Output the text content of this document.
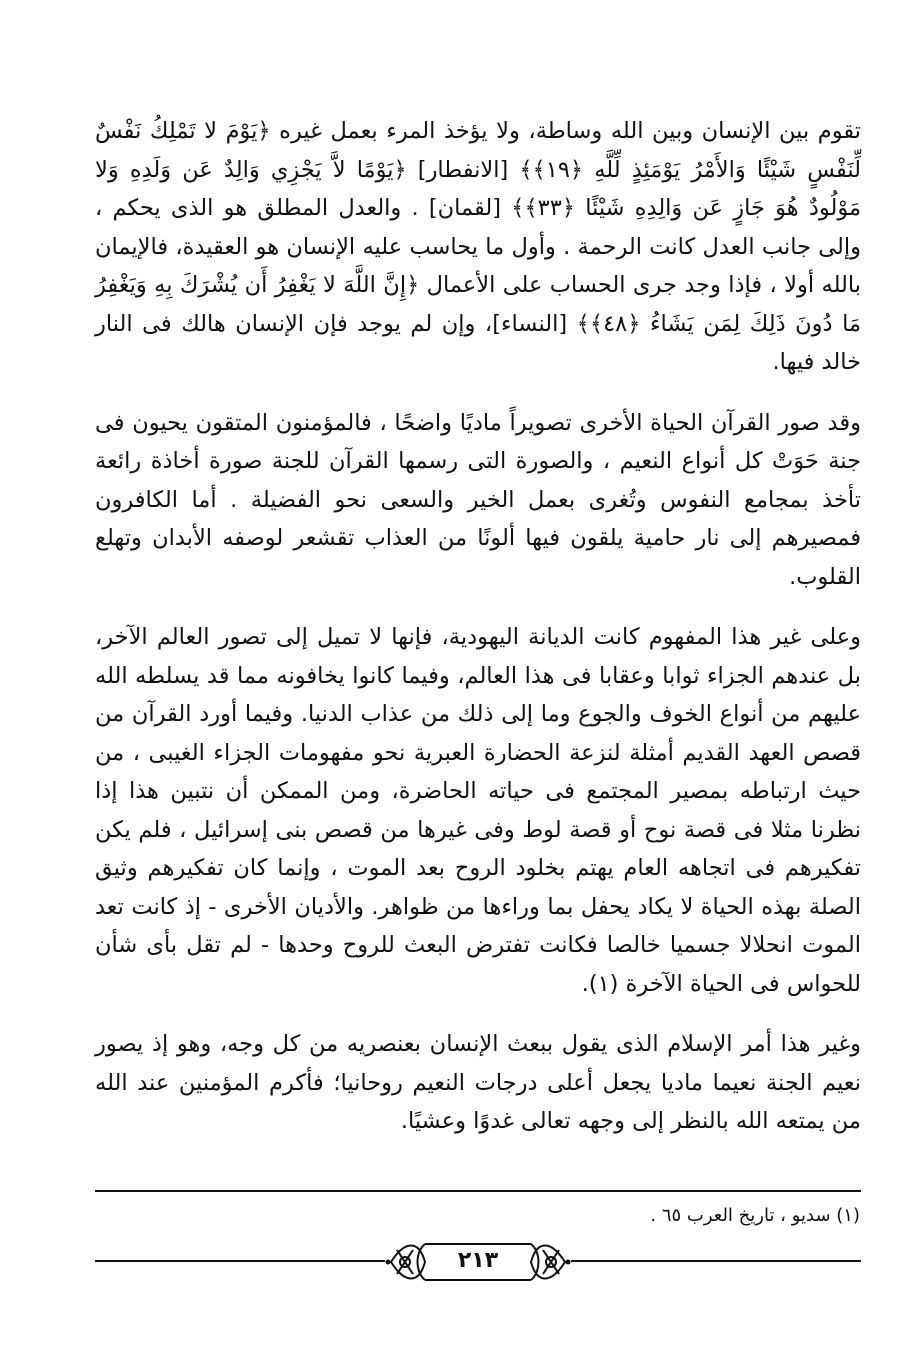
تقوم بين الإنسان وبين الله وساطة، ولا يؤخذ المرء بعمل غيره ﴿يَوْمَ لا تَمْلِكُ نَفْسٌ لِّنَفْسٍ شَيْئًا وَالأَمْرُ يَوْمَئِذٍ لِّلَّهِ ﴿١٩﴾﴾ [الانفطار] ﴿يَوْمًا لاَّ يَجْزِي وَالِدٌ عَن وَلَدِهِ وَلا مَوْلُودٌ هُوَ جَازٍ عَن وَالِدِهِ شَيْئًا ﴿٣٣﴾﴾ [لقمان] . والعدل المطلق هو الذى يحكم ، وإلى جانب العدل كانت الرحمة . وأول ما يحاسب عليه الإنسان هو العقيدة، فالإيمان بالله أولا ، فإذا وجد جرى الحساب على الأعمال ﴿إِنَّ اللَّهَ لا يَغْفِرُ أَن يُشْرَكَ بِهِ وَيَغْفِرُ مَا دُونَ ذَلِكَ لِمَن يَشَاءُ ﴿٤٨﴾﴾ [النساء]، وإن لم يوجد فإن الإنسان هالك فى النار خالد فيها.

وقد صور القرآن الحياة الأخرى تصويراً ماديًا واضحًا ، فالمؤمنون المتقون يحيون فى جنة حَوَتْ كل أنواع النعيم ، والصورة التى رسمها القرآن للجنة صورة أخاذة رائعة تأخذ بمجامع النفوس وتُغرى بعمل الخير والسعى نحو الفضيلة . أما الكافرون فمصيرهم إلى نار حامية يلقون فيها ألونًا من العذاب تقشعر لوصفه الأبدان وتهلع القلوب.

وعلى غير هذا المفهوم كانت الديانة اليهودية، فإنها لا تميل إلى تصور العالم الآخر، بل عندهم الجزاء ثوابا وعقابا فى هذا العالم، وفيما كانوا يخافونه مما قد يسلطه الله عليهم من أنواع الخوف والجوع وما إلى ذلك من عذاب الدنيا. وفيما أورد القرآن من قصص العهد القديم أمثلة لنزعة الحضارة العبرية نحو مفهومات الجزاء الغيبى ، من حيث ارتباطه بمصير المجتمع فى حياته الحاضرة، ومن الممكن أن نتبين هذا إذا نظرنا مثلا فى قصة نوح أو قصة لوط وفى غيرها من قصص بنى إسرائيل ، فلم يكن تفكيرهم فى اتجاهه العام يهتم بخلود الروح بعد الموت ، وإنما كان تفكيرهم وثيق الصلة بهذه الحياة لا يكاد يحفل بما وراءها من ظواهر. والأديان الأخرى - إذ كانت تعد الموت انحلالا جسميا خالصا فكانت تفترض البعث للروح وحدها - لم تقل بأى شأن للحواس فى الحياة الآخرة (١).

وغير هذا أمر الإسلام الذى يقول ببعث الإنسان بعنصريه من كل وجه، وهو إذ يصور نعيم الجنة نعيما ماديا يجعل أعلى درجات النعيم روحانيا؛ فأكرم المؤمنين عند الله من يمتعه الله بالنظر إلى وجهه تعالى غدوًا وعشيًا.

(١) سديو ، تاريخ العرب ٦٥ .
٢١٣
